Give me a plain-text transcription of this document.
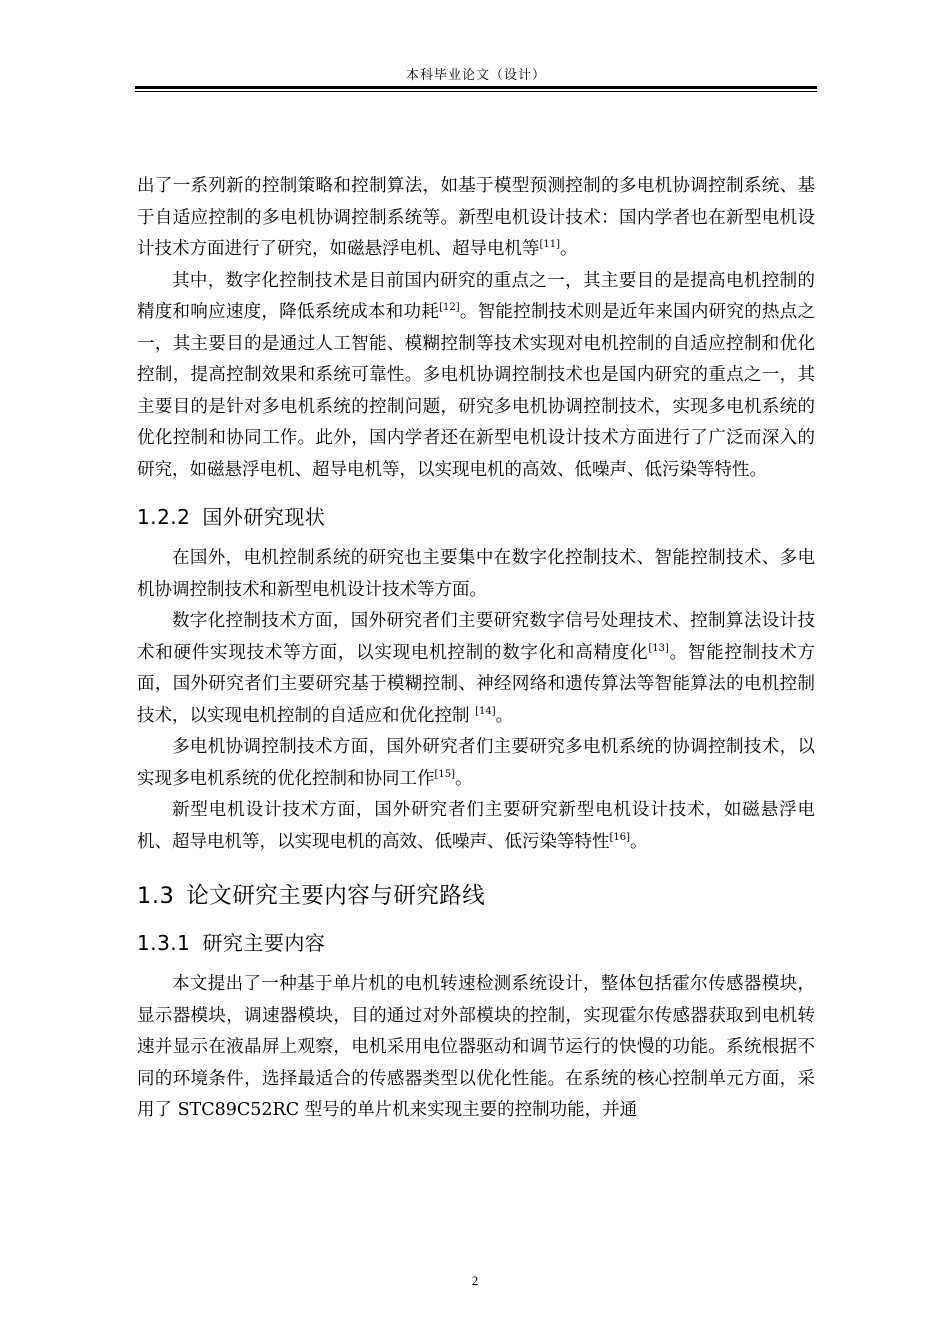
本科毕业论文（设计）

出了一系列新的控制策略和控制算法，如基于模型预测控制的多电机协调控制系统、基于自适应控制的多电机协调控制系统等。新型电机设计技术：国内学者也在新型电机设计技术方面进行了研究，如磁悬浮电机、超导电机等[11]。

其中，数字化控制技术是目前国内研究的重点之一，其主要目的是提高电机控制的精度和响应速度，降低系统成本和功耗[12]。智能控制技术则是近年来国内研究的热点之一，其主要目的是通过人工智能、模糊控制等技术实现对电机控制的自适应控制和优化控制，提高控制效果和系统可靠性。多电机协调控制技术也是国内研究的重点之一，其主要目的是针对多电机系统的控制问题，研究多电机协调控制技术，实现多电机系统的优化控制和协同工作。此外，国内学者还在新型电机设计技术方面进行了广泛而深入的研究，如磁悬浮电机、超导电机等，以实现电机的高效、低噪声、低污染等特性。

1.2.2 国外研究现状

在国外，电机控制系统的研究也主要集中在数字化控制技术、智能控制技术、多电机协调控制技术和新型电机设计技术等方面。

数字化控制技术方面，国外研究者们主要研究数字信号处理技术、控制算法设计技术和硬件实现技术等方面，以实现电机控制的数字化和高精度化[13]。智能控制技术方面，国外研究者们主要研究基于模糊控制、神经网络和遗传算法等智能算法的电机控制技术，以实现电机控制的自适应和优化控制 [14]。

多电机协调控制技术方面，国外研究者们主要研究多电机系统的协调控制技术，以实现多电机系统的优化控制和协同工作[15]。

新型电机设计技术方面，国外研究者们主要研究新型电机设计技术，如磁悬浮电机、超导电机等，以实现电机的高效、低噪声、低污染等特性[16]。

1.3 论文研究主要内容与研究路线
1.3.1 研究主要内容

本文提出了一种基于单片机的电机转速检测系统设计，整体包括霍尔传感器模块，显示器模块，调速器模块，目的通过对外部模块的控制，实现霍尔传感器获取到电机转速并显示在液晶屏上观察，电机采用电位器驱动和调节运行的快慢的功能。系统根据不同的环境条件，选择最适合的传感器类型以优化性能。在系统的核心控制单元方面，采用了 STC89C52RC 型号的单片机来实现主要的控制功能，并通

2
